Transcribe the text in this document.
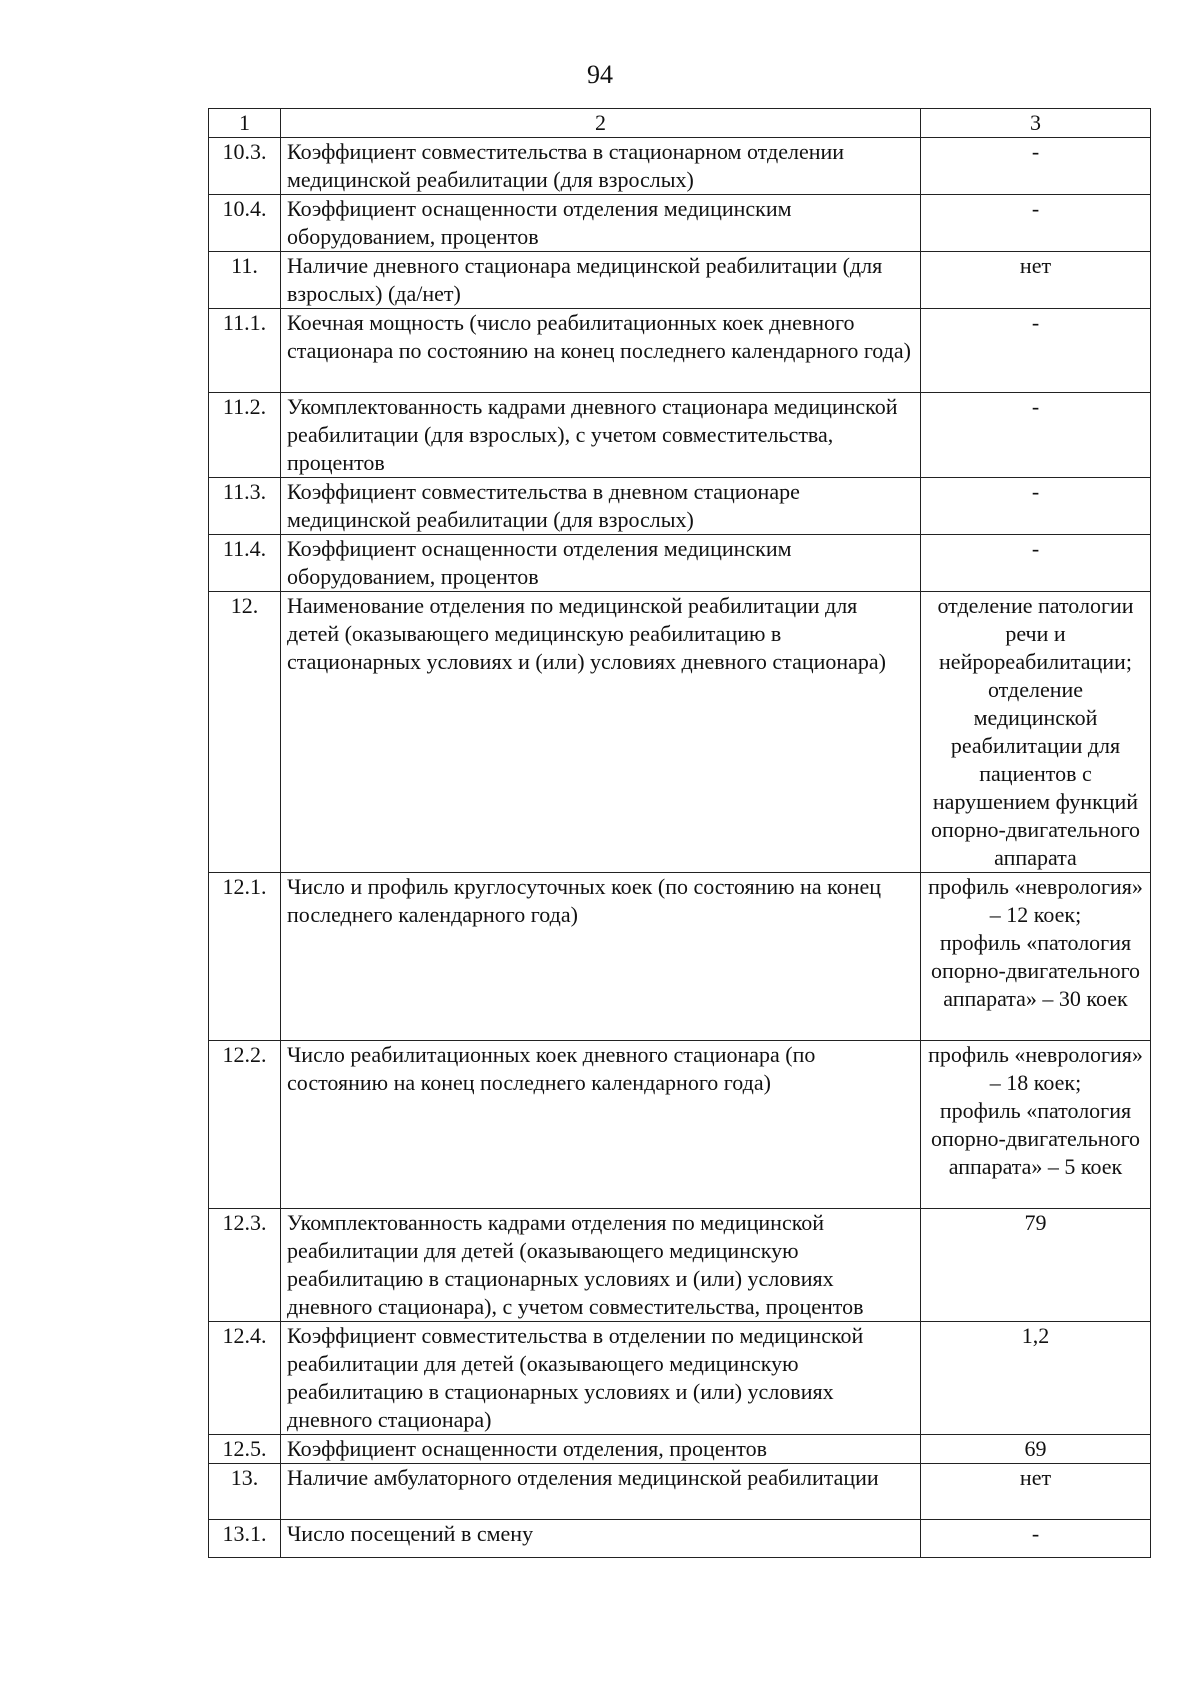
94
1	2	3
10.3.	Коэффициент совместительства в стационарном отделении медицинской реабилитации (для взрослых)	-
10.4.	Коэффициент оснащенности отделения медицинским оборудованием, процентов	-
11.	Наличие дневного стационара медицинской реабилитации (для взрослых) (да/нет)	нет
11.1.	Коечная мощность (число реабилитационных коек дневного стационара по состоянию на конец последнего календарного года)	-
11.2.	Укомплектованность кадрами дневного стационара медицинской реабилитации (для взрослых), с учетом совместительства, процентов	-
11.3.	Коэффициент совместительства в дневном стационаре медицинской реабилитации (для взрослых)	-
11.4.	Коэффициент оснащенности отделения медицинским оборудованием, процентов	-
12.	Наименование отделения по медицинской реабилитации для детей (оказывающего медицинскую реабилитацию в стационарных условиях и (или) условиях дневного стационара)	отделение патологии речи и нейрореабилитации;
отделение медицинской реабилитации для пациентов с нарушением функций опорно-двигательного аппарата
12.1.	Число и профиль круглосуточных коек (по состоянию на конец последнего календарного года)	профиль «неврология» – 12 коек;
профиль «патология опорно-двигательного аппарата» – 30 коек
12.2.	Число реабилитационных коек дневного стационара (по состоянию на конец последнего календарного года)	профиль «неврология» – 18 коек;
профиль «патология опорно-двигательного аппарата» – 5 коек
12.3.	Укомплектованность кадрами отделения по медицинской реабилитации для детей (оказывающего медицинскую реабилитацию в стационарных условиях и (или) условиях дневного стационара), с учетом совместительства, процентов	79
12.4.	Коэффициент совместительства в отделении по медицинской реабилитации для детей (оказывающего медицинскую реабилитацию в стационарных условиях и (или) условиях дневного стационара)	1,2
12.5.	Коэффициент оснащенности отделения, процентов	69
13.	Наличие амбулаторного отделения медицинской реабилитации	нет
13.1.	Число посещений в смену	-
